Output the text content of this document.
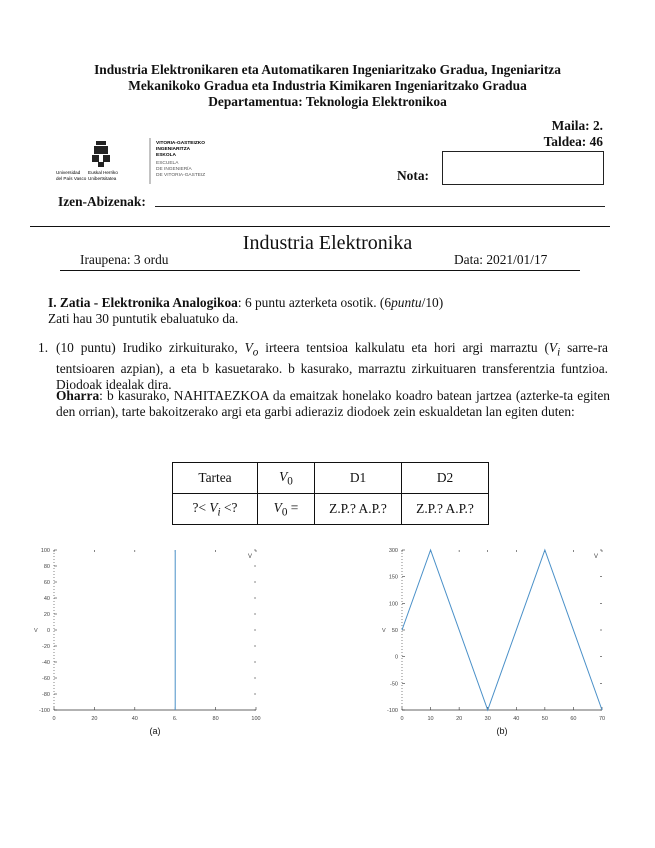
Industria Elektronikaren eta Automatikaren Ingeniaritzako Gradua, Ingeniaritza
Mekanikoko Gradua eta Industria Kimikaren Ingeniaritzako Gradua
Departamentua: Teknologia Elektronikoa
Universidad
del País Vasco
Euskal Herriko
Unibertsitatea
VITORIA-GASTEIZKO
INGENIARITZA
ESKOLA
ESCUELA
DE INGENIERÍA
DE VITORIA-GASTEIZ
Maila: 2.
Taldea: 46
Nota:
Izen-Abizenak:
Industria Elektronika
Iraupena: 3 ordu	Data: 2021/01/17
I. Zatia - Elektronika Analogikoa: 6 puntu azterketa osotik. (6puntu/10)
Zati hau 30 puntutik ebaluatuko da.
1. (10 puntu) Irudiko zirkuiturako, $V_o$ irteera tentsioa kalkulatu eta hori argi marraztu ($V_i$ sarre-ra tentsioaren azpian), a eta b kasuetarako. b kasurako, marraztu zirkuituaren transferentzia funtzioa. Diodoak idealak dira.
Oharra: b kasurako, NAHITAEZKOA da emaitzak honelako koadro batean jartzea (azterke-ta egiten den orrian), tarte bakoitzerako argi eta garbi adieraziz diodoek zein eskualdetan lan egiten duten:
Tartea	$V_0$	D1	D2
?< $V_i$ <?	$V_0$ =	Z.P.? A.P.?	Z.P.? A.P.?
0	20	40	6.	80	100
100
80
60
40
20
0
-20
-40
-60
-80
-100
V
V
(a)
0	10	20	30	40	50	60	70
300
150
100
50
0
-50
-100
V
V
(b)
